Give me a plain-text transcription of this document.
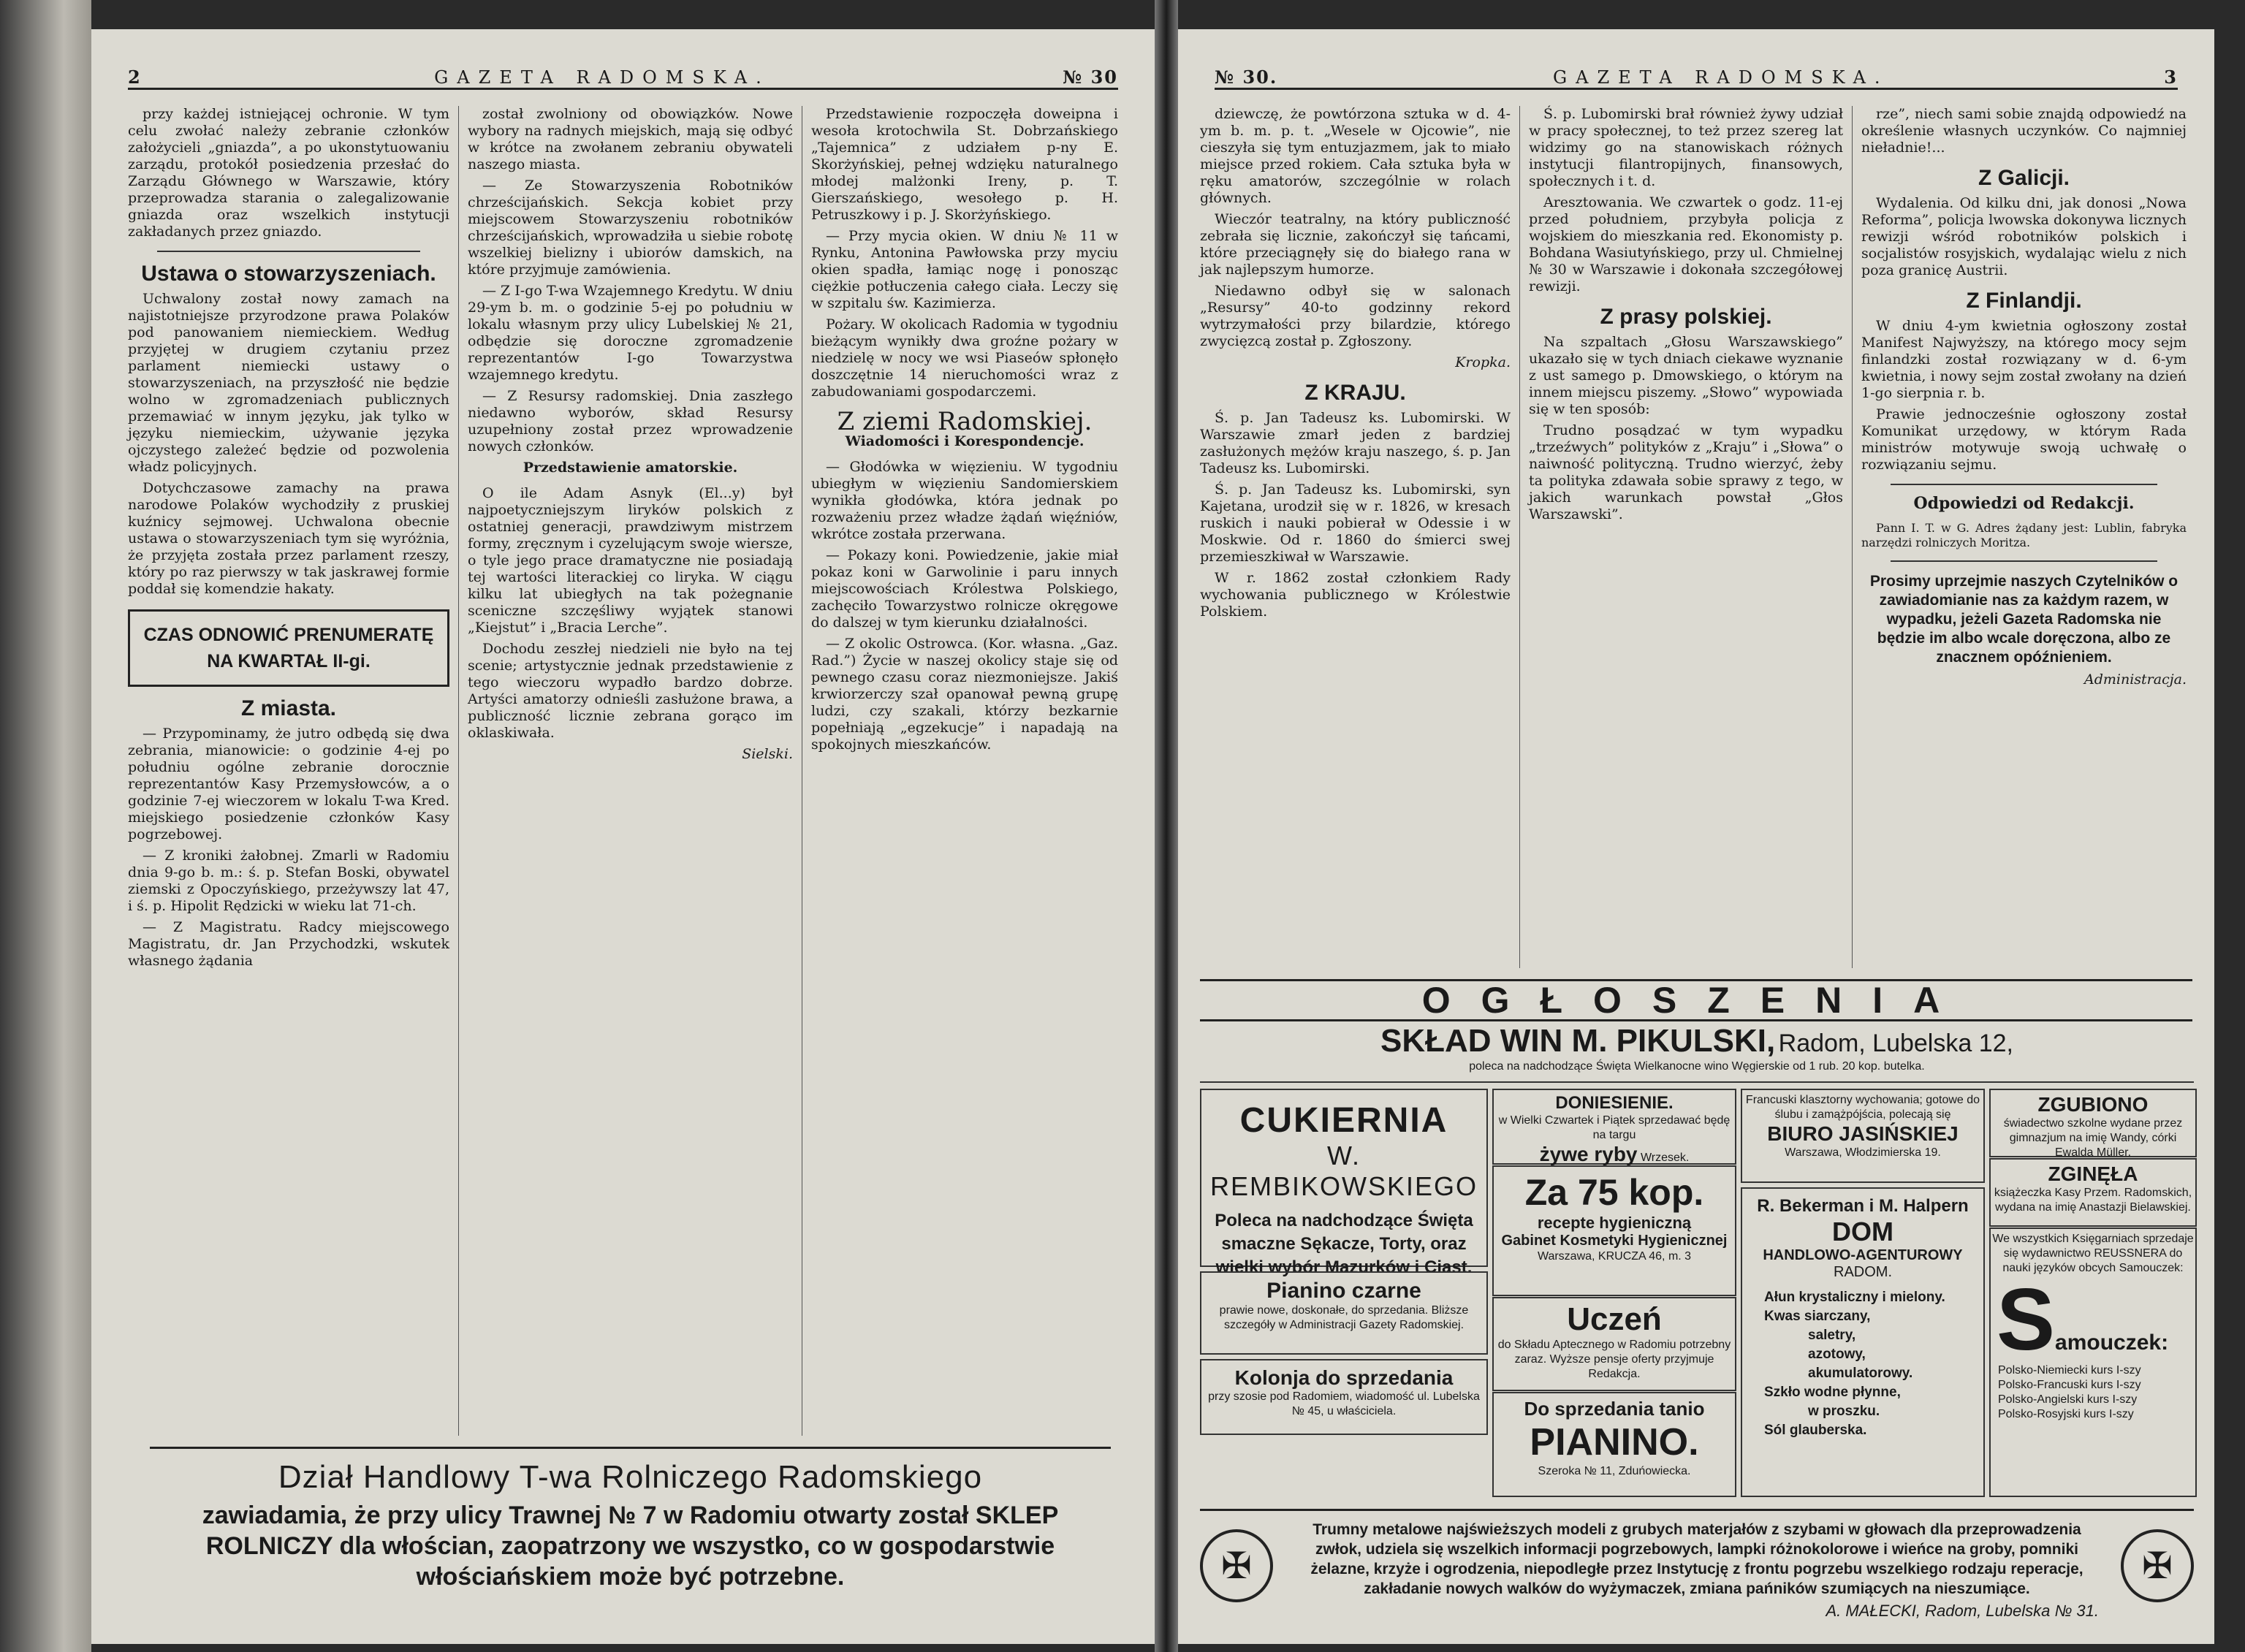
2	GAZETA RADOMSKA.	№ 30

przy każdej istniejącej ochronie. W tym celu zwołać należy zebranie członków założycieli „gniazda”, a po ukonstytuowaniu zarządu, protokół posiedzenia przesłać do Zarządu Głównego w Warszawie, który przeprowadza starania o zalegalizowanie gniazda oraz wszelkich instytucji zakładanych przez gniazdo.

Ustawa o stowarzyszeniach.

Uchwalony został nowy zamach na najistotniejsze przyrodzone prawa Polaków pod panowaniem niemieckiem. Według przyjętej w drugiem czytaniu przez parlament niemiecki ustawy o stowarzyszeniach, na przyszłość nie będzie wolno w zgromadzeniach publicznych przemawiać w innym języku, jak tylko w języku niemieckim, używanie języka ojczystego zależeć będzie od pozwolenia władz policyjnych.

Dotychczasowe zamachy na prawa narodowe Polaków wychodziły z pruskiej kuźnicy sejmowej. Uchwalona obecnie ustawa o stowarzyszeniach tym się wyróżnia, że przyjęta została przez parlament rzeszy, który po raz pierwszy w tak jaskrawej formie poddał się komendzie hakaty.

CZAS ODNOWIĆ PRENUMERATĘ NA KWARTAŁ II-gi.
Z miasta.

— Przypominamy, że jutro odbędą się dwa zebrania, mianowicie: o godzinie 4-ej po południu ogólne zebranie dorocznie reprezentantów Kasy Przemysłowców, a o godzinie 7-ej wieczorem w lokalu T-wa Kred. miejskiego posiedzenie członków Kasy pogrzebowej.

— Z kroniki żałobnej. Zmarli w Radomiu dnia 9-go b. m.: ś. p. Stefan Boski, obywatel ziemski z Opoczyńskiego, przeżywszy lat 47, i ś. p. Hipolit Rędzicki w wieku lat 71-ch.

— Z Magistratu. Radcy miejscowego Magistratu, dr. Jan Przychodzki, wskutek własnego żądania

został zwolniony od obowiązków. Nowe wybory na radnych miejskich, mają się odbyć w krótce na zwołanem zebraniu obywateli naszego miasta.

— Ze Stowarzyszenia Robotników chrześcijańskich. Sekcja kobiet przy miejscowem Stowarzyszeniu robotników chrześcijańskich, wprowadziła u siebie robotę wszelkiej bielizny i ubiorów damskich, na które przyjmuje zamówienia.

— Z I-go T-wa Wzajemnego Kredytu. W dniu 29-ym b. m. o godzinie 5-ej po południu w lokalu własnym przy ulicy Lubelskiej № 21, odbędzie się doroczne zgromadzenie reprezentantów I-go Towarzystwa wzajemnego kredytu.

— Z Resursy radomskiej. Dnia zaszłego niedawno wyborów, skład Resursy uzupełniony został przez wprowadzenie nowych członków.

Przedstawienie amatorskie.

O ile Adam Asnyk (El...y) był najpoetyczniejszym liryków polskich z ostatniej generacji, prawdziwym mistrzem formy, zręcznym i cyzelującym swoje wiersze, o tyle jego prace dramatyczne nie posiadają tej wartości literackiej co liryka. W ciągu kilku lat ubiegłych na tak pożegnanie sceniczne szczęśliwy wyjątek stanowi „Kiejstut” i „Bracia Lerche”.

Dochodu zeszłej niedzieli nie było na tej scenie; artystycznie jednak przedstawienie z tego wieczoru wypadło bardzo dobrze. Artyści amatorzy odnieśli zasłużone brawa, a publiczność licznie zebrana gorąco im oklaskiwała.

Sielski.

Przedstawienie rozpoczęła doweipna i wesoła krotochwila St. Dobrzańskiego „Tajemnica” z udziałem p-ny E. Skorżyńskiej, pełnej wdzięku naturalnego młodej malżonki Ireny, p. T. Gierszańskiego, wesołego p. H. Petruszkowy i p. J. Skorżyńskiego.

— Przy mycia okien. W dniu № 11 w Rynku, Antonina Pawłowska przy myciu okien spadła, łamiąc nogę i ponosząc ciężkie potłuczenia całego ciała. Leczy się w szpitalu św. Kazimierza.

Pożary. W okolicach Radomia w tygodniu bieżącym wynikły dwa groźne pożary w niedzielę w nocy we wsi Piaseów spłonęło doszczętnie 14 nieruchomości wraz z zabudowaniami gospodarczemi.

Z ziemi Radomskiej.
Wiadomości i Korespondencje.

— Głodówka w więzieniu. W tygodniu ubiegłym w więzieniu Sandomierskiem wynikła głodówka, która jednak po rozważeniu przez władze żądań więźniów, wkrótce została przerwana.

— Pokazy koni. Powiedzenie, jakie miał pokaz koni w Garwolinie i paru innych miejscowościach Królestwa Polskiego, zachęciło Towarzystwo rolnicze okręgowe do dalszej w tym kierunku działalności.

— Z okolic Ostrowca. (Kor. własna. „Gaz. Rad.”) Życie w naszej okolicy staje się od pewnego czasu coraz niezmoniejsze. Jakiś krwiorzerczy szał opanował pewną grupę ludzi, czy szakali, którzy bezkarnie popełniają „egzekucje” i napadają na spokojnych mieszkańców.

Dział Handlowy T-wa Rolniczego Radomskiego
zawiadamia, że przy ulicy Trawnej № 7 w Radomiu otwarty został SKLEP ROLNICZY dla włościan, zaopatrzony we wszystko, co w gospodarstwie włościańskiem może być potrzebne.
№ 30.	GAZETA RADOMSKA.	3

dziewczę, że powtórzona sztuka w d. 4-ym b. m. p. t. „Wesele w Ojcowie”, nie cieszyła się tym entuzjazmem, jak to miało miejsce przed rokiem. Cała sztuka była w ręku amatorów, szczególnie w rolach głównych.

Wieczór teatralny, na który publiczność zebrała się licznie, zakończył się tańcami, które przeciągnęły się do białego rana w jak najlepszym humorze.

Niedawno odbył się w salonach „Resursy” 40-to godzinny rekord wytrzymałości przy bilardzie, którego zwycięzcą został p. Zgłoszony.

Kropka.

Z KRAJU.

Ś. p. Jan Tadeusz ks. Lubomirski. W Warszawie zmarł jeden z bardziej zasłużonych mężów kraju naszego, ś. p. Jan Tadeusz ks. Lubomirski.

Ś. p. Jan Tadeusz ks. Lubomirski, syn Kajetana, urodził się w r. 1826, w kresach ruskich i nauki pobierał w Odessie i w Moskwie. Od r. 1860 do śmierci swej przemieszkiwał w Warszawie.

W r. 1862 został członkiem Rady wychowania publicznego w Królestwie Polskiem.

Ś. p. Lubomirski brał również żywy udział w pracy społecznej, to też przez szereg lat widzimy go na stanowiskach różnych instytucji filantropijnych, finansowych, społecznych i t. d.

Aresztowania. We czwartek o godz. 11-ej przed południem, przybyła policja z wojskiem do mieszkania red. Ekonomisty p. Bohdana Wasiutyńskiego, przy ul. Chmielnej № 30 w Warszawie i dokonała szczegółowej rewizji.

Z prasy polskiej.

Na szpaltach „Głosu Warszawskiego” ukazało się w tych dniach ciekawe wyznanie z ust samego p. Dmowskiego, o którym na innem miejscu piszemy. „Słowo” wypowiada się w ten sposób:

Trudno posądzać w tym wypadku „trzeźwych” polityków z „Kraju” i „Słowa” o naiwność polityczną. Trudno wierzyć, żeby ta polityka zdawała sobie sprawy z tego, w jakich warunkach powstał „Głos Warszawski”.

rze”, niech sami sobie znajdą odpowiedź na określenie własnych uczynków. Co najmniej nieładnie!...

Z Galicji.

Wydalenia. Od kilku dni, jak donosi „Nowa Reforma”, policja lwowska dokonywa licznych rewizji wśród robotników polskich i socjalistów rosyjskich, wydalając wielu z nich poza granicę Austrii.

Z Finlandji.

W dniu 4-ym kwietnia ogłoszony został Manifest Najwyższy, na którego mocy sejm finlandzki został rozwiązany w d. 6-ym kwietnia, i nowy sejm został zwołany na dzień 1-go sierpnia r. b.

Prawie jednocześnie ogłoszony został Komunikat urzędowy, w którym Rada ministrów motywuje swoją uchwałę o rozwiązaniu sejmu.

Odpowiedzi od Redakcji.

Pann I. T. w G. Adres żądany jest: Lublin, fabryka narzędzi rolniczych Moritza.

Prosimy uprzejmie naszych Czytelników o zawiadomianie nas za każdym razem, w wypadku, jeżeli Gazeta Radomska nie będzie im albo wcale doręczona, albo ze znacznem opóźnieniem.

Administracja.

OGŁOSZENIA
SKŁAD WIN M. PIKULSKI, Radom, Lubelska 12,
poleca na nadchodzące Święta Wielkanocne wino Węgierskie od 1 rub. 20 kop. butelka.
CUKIERNIA
W. REMBIKOWSKIEGO
Poleca na nadchodzące Święta smaczne Sękacze, Torty, oraz wielki wybór Mazurków i Ciast.
Pianino czarne
prawie nowe, doskonałe, do sprzedania. Bliższe szczegóły w Administracji Gazety Radomskiej.
Kolonja do sprzedania
przy szosie pod Radomiem, wiadomość ul. Lubelska № 45, u właściciela.
DONIESIENIE.
w Wielki Czwartek i Piątek sprzedawać będę na targu
żywe ryby Wrzesek.
Za 75 kop.
recepte hygieniczną
Gabinet Kosmetyki Hygienicznej
Warszawa, KRUCZA 46, m. 3
Uczeń
do Składu Aptecznego w Radomiu potrzebny zaraz. Wyższe pensje oferty przyjmuje Redakcja.
Do sprzedania tanio
PIANINO.
Szeroka № 11, Zduńowiecka.
Francuski klasztorny wychowania; gotowe do ślubu i zamążpójścia, polecają się
BIURO JASIŃSKIEJ
Warszawa, Włodzimierska 19.
R. Bekerman i M. Halpern
DOM
HANDLOWO-AGENTUROWY
RADOM.
Ałun krystaliczny i mielony.
Kwas siarczany,
saletry,
azotowy,
akumulatorowy.
Szkło wodne płynne,
w proszku.
Sól glauberska.
ZGUBIONO
świadectwo szkolne wydane przez gimnazjum na imię Wandy, córki Ewalda Müller.
ZGINĘŁA
książeczka Kasy Przem. Radomskich, wydana na imię Anastazji Bielawskiej.
We wszystkich Księgarniach sprzedaje się wydawnictwo REUSSNERA do nauki języków obcych Samouczek:
Samouczek:
Polsko-Niemiecki kurs I-szy
Polsko-Francuski kurs I-szy
Polsko-Angielski kurs I-szy
Polsko-Rosyjski kurs I-szy
✠	✠
Trumny metalowe najświeższych modeli z grubych materjałów z szybami w głowach dla przeprowadzenia zwłok, udziela się wszelkich informacji pogrzebowych, lampki różnokolorowe i wieńce na groby, pomniki żelazne, krzyże i ogrodzenia, niepodległe przez Instytucję z frontu pogrzebu wszelkiego rodzaju reperacje, zakładanie nowych walków do wyżymaczek, zmiana pańników szumiących na nieszumiące.
A. MAŁECKI, Radom, Lubelska № 31.
